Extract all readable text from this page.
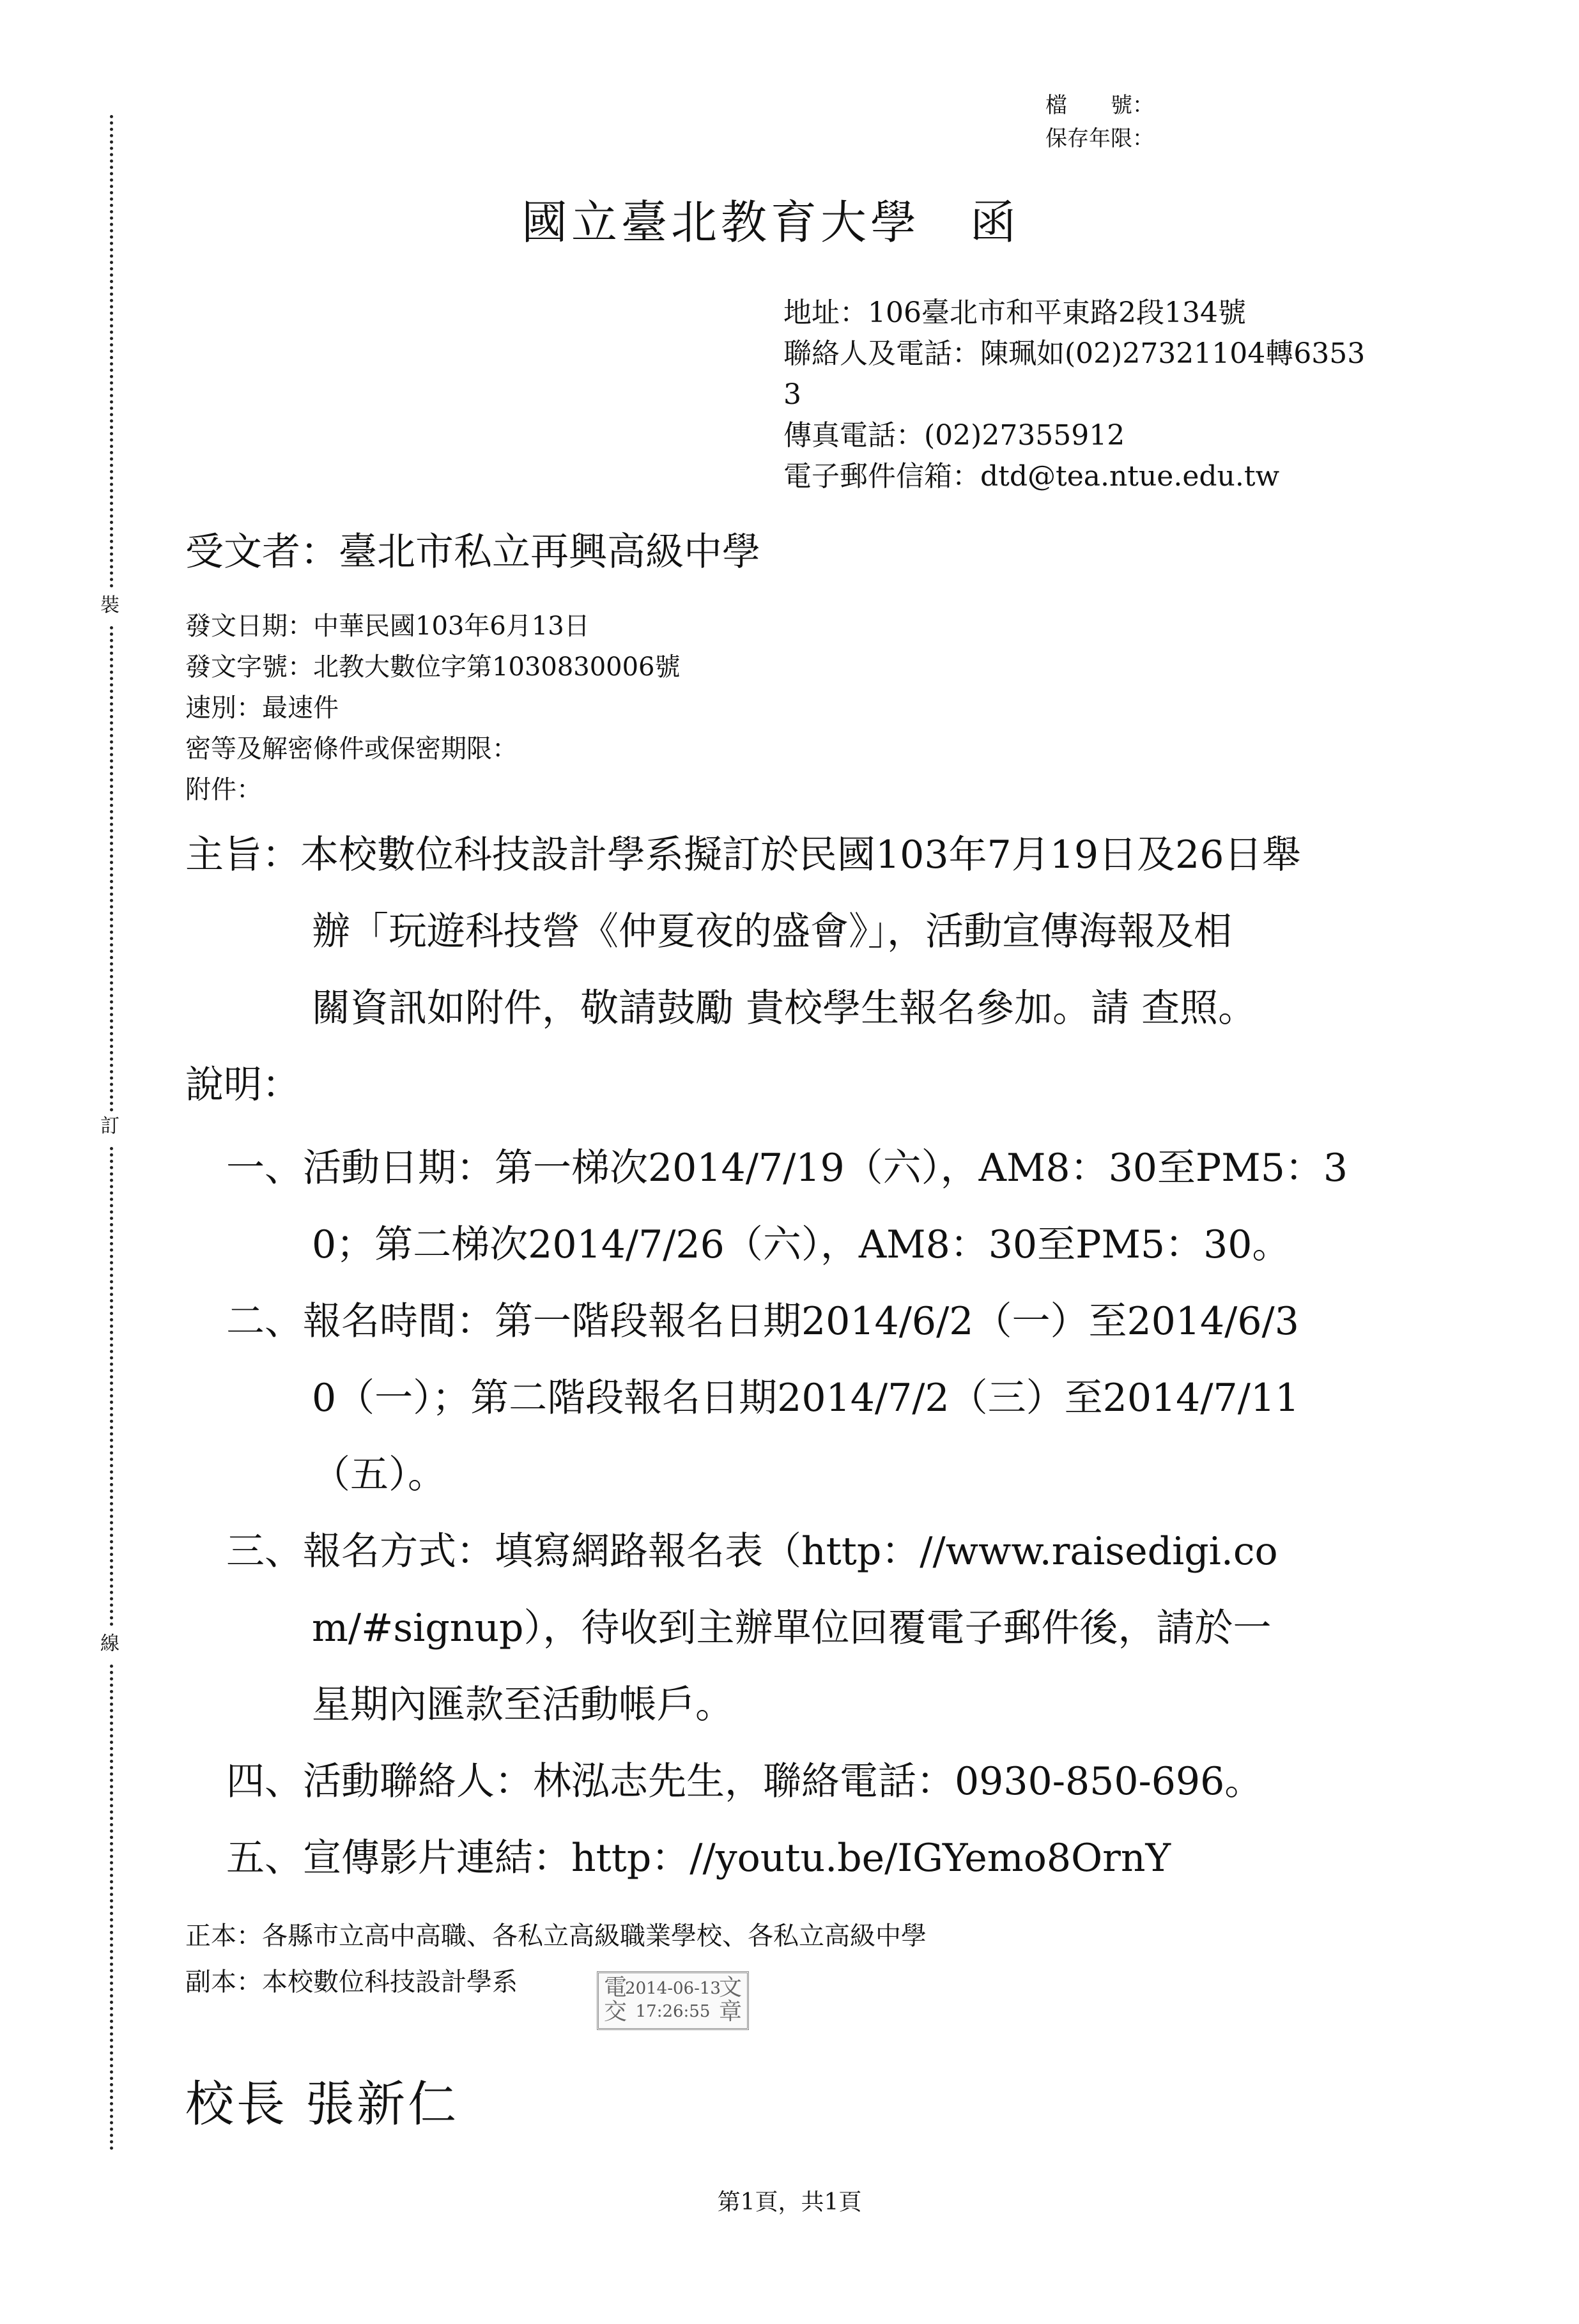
裝
訂
線
檔　　號：
保存年限：
國立臺北教育大學　函
地址：106臺北市和平東路2段134號
聯絡人及電話：陳珮如(02)27321104轉6353
3
傳真電話：(02)27355912
電子郵件信箱：dtd@tea.ntue.edu.tw
受文者：臺北市私立再興高級中學
發文日期：中華民國103年6月13日
發文字號：北教大數位字第1030830006號
速別：最速件
密等及解密條件或保密期限：
附件：
主旨：本校數位科技設計學系擬訂於民國103年7月19日及26日舉
辦「玩遊科技營《仲夏夜的盛會》」，活動宣傳海報及相
關資訊如附件，敬請鼓勵 貴校學生報名參加。請 查照。
說明：
一、活動日期：第一梯次2014/7/19（六），AM8：30至PM5：3
0；第二梯次2014/7/26（六），AM8：30至PM5：30。
二、報名時間：第一階段報名日期2014/6/2（一）至2014/6/3
0（一）；第二階段報名日期2014/7/2（三）至2014/7/11
（五）。
三、報名方式：填寫網路報名表（http：//www.raisedigi.co
m/#signup），待收到主辦單位回覆電子郵件後，請於一
星期內匯款至活動帳戶。
四、活動聯絡人：林泓志先生，聯絡電話：0930-850-696。
五、宣傳影片連結：http：//youtu.be/IGYemo8OrnY
正本：各縣市立高中高職、各私立高級職業學校、各私立高級中學
副本：本校數位科技設計學系	電
交
文
章
2014-06-13
17:26:55
校長 張新仁
第1頁，共1頁
